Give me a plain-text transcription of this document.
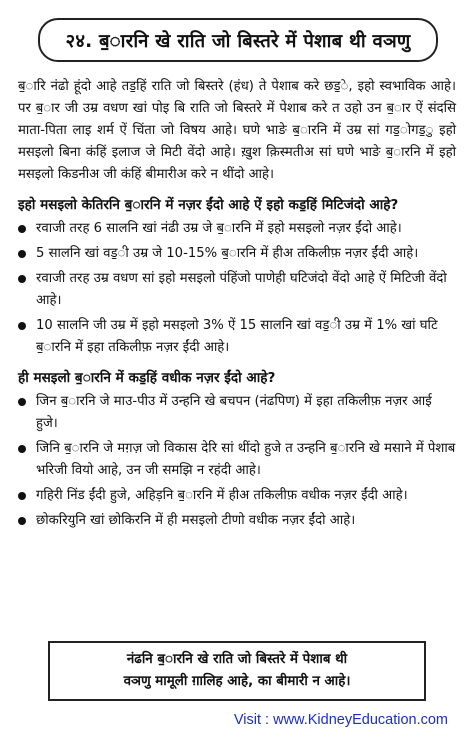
२४. ब॒ारनि खे राति जो बिस्तरे में पेशाब थी वञणु

ब॒ारि नंढो हूंदो आहे तड॒हिं राति जो बिस्तरे (हंध) ते पेशाब करे छड॒े, इहो स्वभाविक आहे। पर ब॒ार जी उम्र वधण खां पोइ बि राति जो बिस्तरे में पेशाब करे त उहो उन ब॒ार ऐं संदसि माता-पिता लाइ शर्म ऐं चिंता जो विषय आहे। घणे भाङे ब॒ारनि में उम्र सां गड॒ोगड॒ु इहो मसइलो बिना कंहिं इलाज जे मिटी वेंदो आहे। ख़ुश क़िस्मतीअ सां घणे भाङे ब॒ारनि में इहो मसइलो किडनीअ जी कंहिं बीमारीअ करे न थींदो आहे।

इहो मसइलो केतिरनि ब॒ारनि में नज़र ईंदो आहे ऐं इहो कड॒हिं मिटिजंदो आहे?
रवाजी तरह 6 सालनि खां नंढी उम्र जे ब॒ारनि में इहो मसइलो नज़र ईंदो आहे।
5 सालनि खां वड॒ी उम्र जे 10-15% ब॒ारनि में हीअ तकिलीफ़ नज़र ईंदी आहे।
रवाजी तरह उम्र वधण सां इहो मसइलो पंहिंजो पाणेही घटिजंदो वेंदो आहे ऐं मिटिजी वेंदो आहे।
10 सालनि जी उम्र में इहो मसइलो 3% ऐं 15 सालनि खां वड॒ी उम्र में 1% खां घटि ब॒ारनि में इहा तकिलीफ़ नज़र ईंदी आहे।
ही मसइलो ब॒ारनि में कड॒हिं वधीक नज़र ईंदो आहे?
जिन ब॒ारनि जे माउ-पीउ में उन्हनि खे बचपन (नंढपिण) में इहा तकिलीफ़ नज़र आई हुजे।
जिनि ब॒ारनि जे मग़ज़ जो विकास देरि सां थींदो हुजे त उन्हनि ब॒ारनि खे मसाने में पेशाब भरिजी वियो आहे, उन जी समझि न रहंदी आहे।
गहिरी निंड ईंदी हुजे, अहिड़नि ब॒ारनि में हीअ तकिलीफ़ वधीक नज़र ईंदी आहे।
छोकरियुनि खां छोकिरनि में ही मसइलो टीणो वधीक नज़र ईंदो आहे।
नंढनि ब॒ारनि खे राति जो बिस्तरे में पेशाब थी
वञणु मामूली ग़ालिह आहे, का बीमारी न आहे।
Visit : www.KidneyEducation.com
